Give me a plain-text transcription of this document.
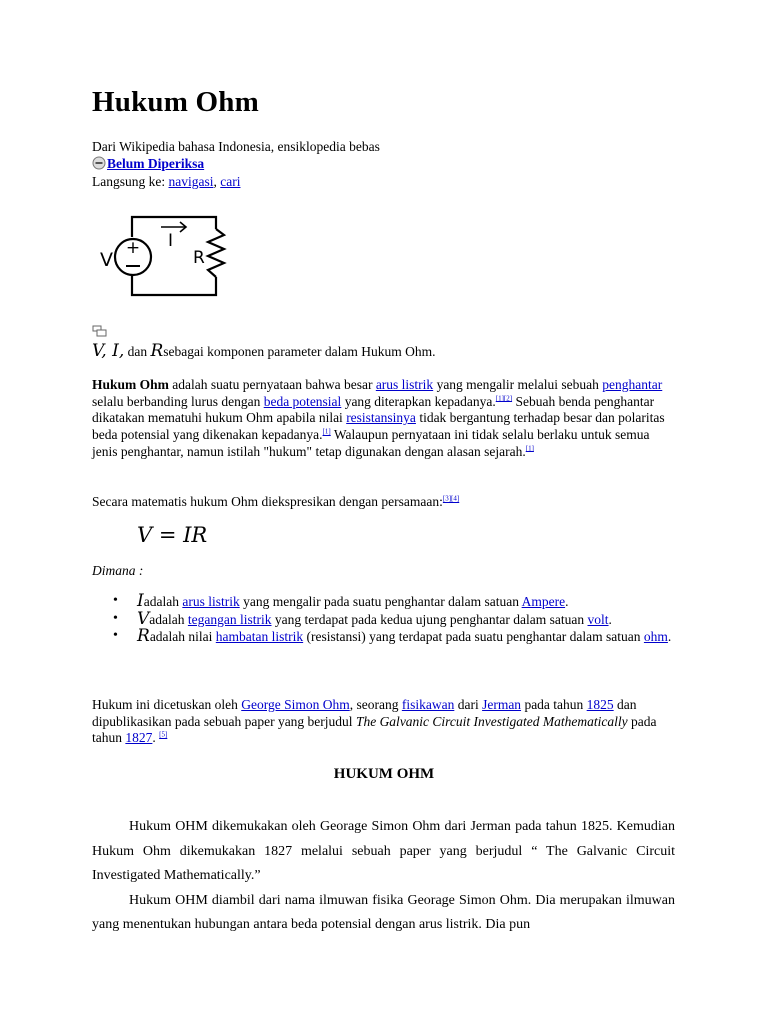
Hukum Ohm
Dari Wikipedia bahasa Indonesia, ensiklopedia bebas
Belum Diperiksa
Langsung ke: navigasi, cari
+
V
I
R
V, I, dan Rsebagai komponen parameter dalam Hukum Ohm.
Hukum Ohm adalah suatu pernyataan bahwa besar arus listrik yang mengalir melalui sebuah penghantar selalu berbanding lurus dengan beda potensial yang diterapkan kepadanya.[1][2] Sebuah benda penghantar dikatakan mematuhi hukum Ohm apabila nilai resistansinya tidak bergantung terhadap besar dan polaritas beda potensial yang dikenakan kepadanya.[1] Walaupun pernyataan ini tidak selalu berlaku untuk semua jenis penghantar, namun istilah "hukum" tetap digunakan dengan alasan sejarah.[1]
Secara matematis hukum Ohm diekspresikan dengan persamaan:[3][4]
V = IR
Dimana :
• Iadalah arus listrik yang mengalir pada suatu penghantar dalam satuan Ampere.
• Vadalah tegangan listrik yang terdapat pada kedua ujung penghantar dalam satuan volt.
• Radalah nilai hambatan listrik (resistansi) yang terdapat pada suatu penghantar dalam satuan ohm.
Hukum ini dicetuskan oleh George Simon Ohm, seorang fisikawan dari Jerman pada tahun 1825 dan dipublikasikan pada sebuah paper yang berjudul The Galvanic Circuit Investigated Mathematically pada tahun 1827. [5]
HUKUM OHM

Hukum OHM dikemukakan oleh Georage Simon Ohm dari Jerman pada tahun 1825. Kemudian Hukum Ohm dikemukakan 1827 melalui sebuah paper yang berjudul “ The Galvanic Circuit Investigated Mathematically.”

Hukum OHM diambil dari nama ilmuwan fisika Georage Simon Ohm. Dia merupakan ilmuwan yang menentukan hubungan antara beda potensial dengan arus listrik. Dia pun
